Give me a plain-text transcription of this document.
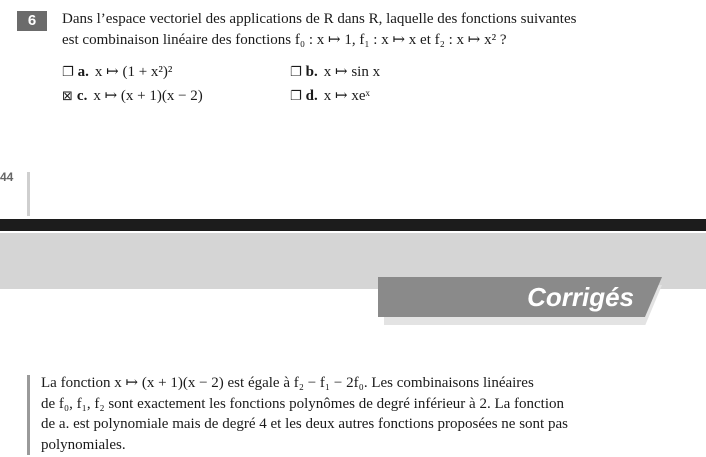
6	Dans l’espace vectoriel des applications de R dans R, laquelle des fonctions suivantes
est combinaison linéaire des fonctions f₀ : x ↦ 1, f₁ : x ↦ x et f₂ : x ↦ x² ?
❐ a. x ↦ (1 + x²)²	❐ b. x ↦ sin x
⊠ c. x ↦ (x + 1)(x − 2)	❐ d. x ↦ xeˣ
44
Corrigés
La fonction x ↦ (x + 1)(x − 2) est égale à f₂ − f₁ − 2f₀. Les combinaisons linéaires
de f₀, f₁, f₂ sont exactement les fonctions polynômes de degré inférieur à 2. La fonction
de a. est polynomiale mais de degré 4 et les deux autres fonctions proposées ne sont pas
polynomiales.
